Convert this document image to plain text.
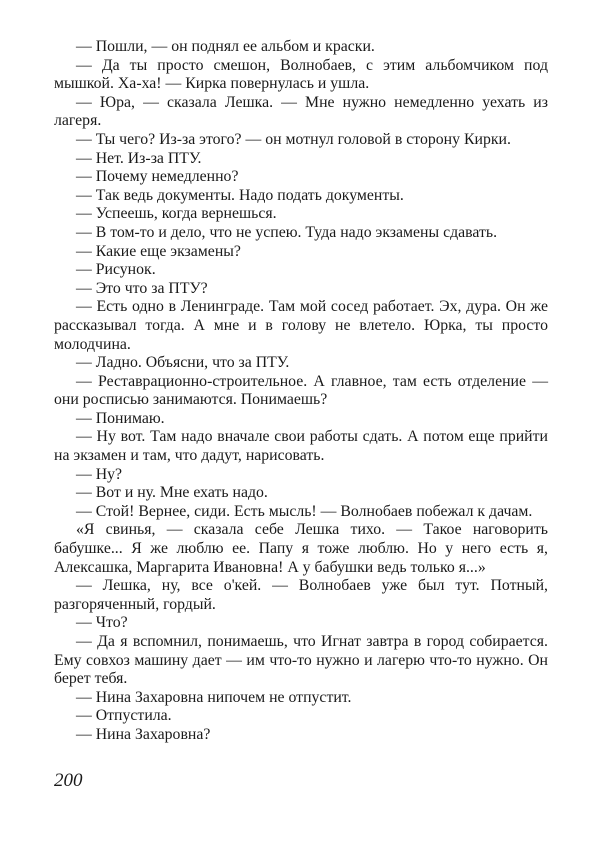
— Пошли, — он поднял ее альбом и краски.

— Да ты просто смешон, Волнобаев, с этим альбомчиком под мышкой. Ха-ха! — Кирка повернулась и ушла.

— Юра, — сказала Лешка. — Мне нужно немедленно уехать из лагеря.

— Ты чего? Из-за этого? — он мотнул головой в сторону Кирки.

— Нет. Из-за ПТУ.

— Почему немедленно?

— Так ведь документы. Надо подать документы.

— Успеешь, когда вернешься.

— В том-то и дело, что не успею. Туда надо экзамены сдавать.

— Какие еще экзамены?

— Рисунок.

— Это что за ПТУ?

— Есть одно в Ленинграде. Там мой сосед работает. Эх, дура. Он же рассказывал тогда. А мне и в голову не влетело. Юрка, ты просто молодчина.

— Ладно. Объясни, что за ПТУ.

— Реставрационно-строительное. А главное, там есть отделение — они росписью занимаются. Понимаешь?

— Понимаю.

— Ну вот. Там надо вначале свои работы сдать. А потом еще прийти на экзамен и там, что дадут, нарисовать.

— Ну?

— Вот и ну. Мне ехать надо.

— Стой! Вернее, сиди. Есть мысль! — Волнобаев побежал к дачам.

«Я свинья, — сказала себе Лешка тихо. — Такое наговорить бабушке... Я же люблю ее. Папу я тоже люблю. Но у него есть я, Алексашка, Маргарита Ивановна! А у бабушки ведь только я...»

— Лешка, ну, все о'кей. — Волнобаев уже был тут. Потный, разгоряченный, гордый.

— Что?

— Да я вспомнил, понимаешь, что Игнат завтра в город собирается. Ему совхоз машину дает — им что-то нужно и лагерю что-то нужно. Он берет тебя.

— Нина Захаровна нипочем не отпустит.

— Отпустила.

— Нина Захаровна?

200
